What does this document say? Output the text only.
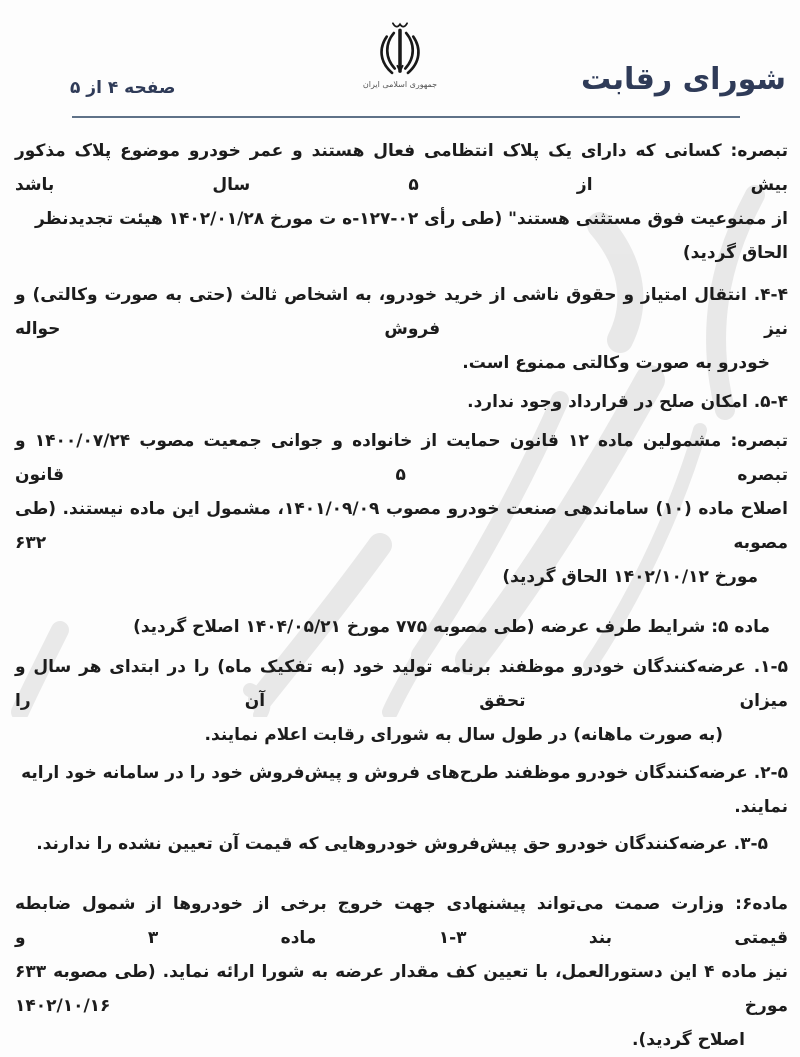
جمهوری اسلامی ایران	شورای رقابت
صفحه ۴ از ۵
تبصره: کسانی که دارای یک پلاک انتظامی فعال هستند و عمر خودرو موضوع پلاک مذکور بیش از ۵ سال باشد
از ممنوعیت فوق مستثنی هستند" (طی رأی ۰۲-۱۲۷-ه ت مورخ ۱۴۰۲/۰۱/۲۸ هیئت تجدیدنظر الحاق گردید)
۴‏-‏۴. انتقال امتیاز و حقوق ناشی از خرید خودرو، به اشخاص ثالث (حتی به صورت وکالتی) و نیز فروش حواله
خودرو به صورت وکالتی ممنوع است.
۴‏-‏۵. امکان صلح در قرارداد وجود ندارد.
تبصره: مشمولین ماده ۱۲ قانون حمایت از خانواده و جوانی جمعیت مصوب ۱۴۰۰/۰۷/۲۴ و تبصره ۵ قانون
اصلاح ماده (۱۰) ساماندهی صنعت خودرو مصوب ۱۴۰۱/۰۹/۰۹، مشمول این ماده نیستند. (طی مصوبه ۶۳۲
مورخ ۱۴۰۲/۱۰/۱۲ الحاق گردید)
ماده ۵: شرایط طرف عرضه (طی مصوبه ۷۷۵ مورخ ۱۴۰۴/۰۵/۲۱ اصلاح گردید)
۵‏-‏۱. عرضه‌کنندگان خودرو موظفند برنامه تولید خود (به تفکیک ماه) را در ابتدای هر سال و میزان تحقق آن را
(به صورت ماهانه) در طول سال به شورای رقابت اعلام نمایند.
۵‏-‏۲. عرضه‌کنندگان خودرو موظفند طرح‌های فروش و پیش‌فروش خود را در سامانه خود ارایه نمایند.
۵‏-‏۳. عرضه‌کنندگان خودرو حق پیش‌فروش خودروهایی که قیمت آن تعیین نشده را ندارند.
ماده۶: وزارت صمت می‌تواند پیشنهادی جهت خروج برخی از خودروها از شمول ضابطه قیمتی بند ۳‏-‏۱ ماده ۳ و
نیز ماده ۴ این دستورالعمل، با تعیین کف مقدار عرضه به شورا ارائه نماید. (طی مصوبه ۶۳۳ مورخ ۱۴۰۲/۱۰/۱۶
اصلاح گردید).
